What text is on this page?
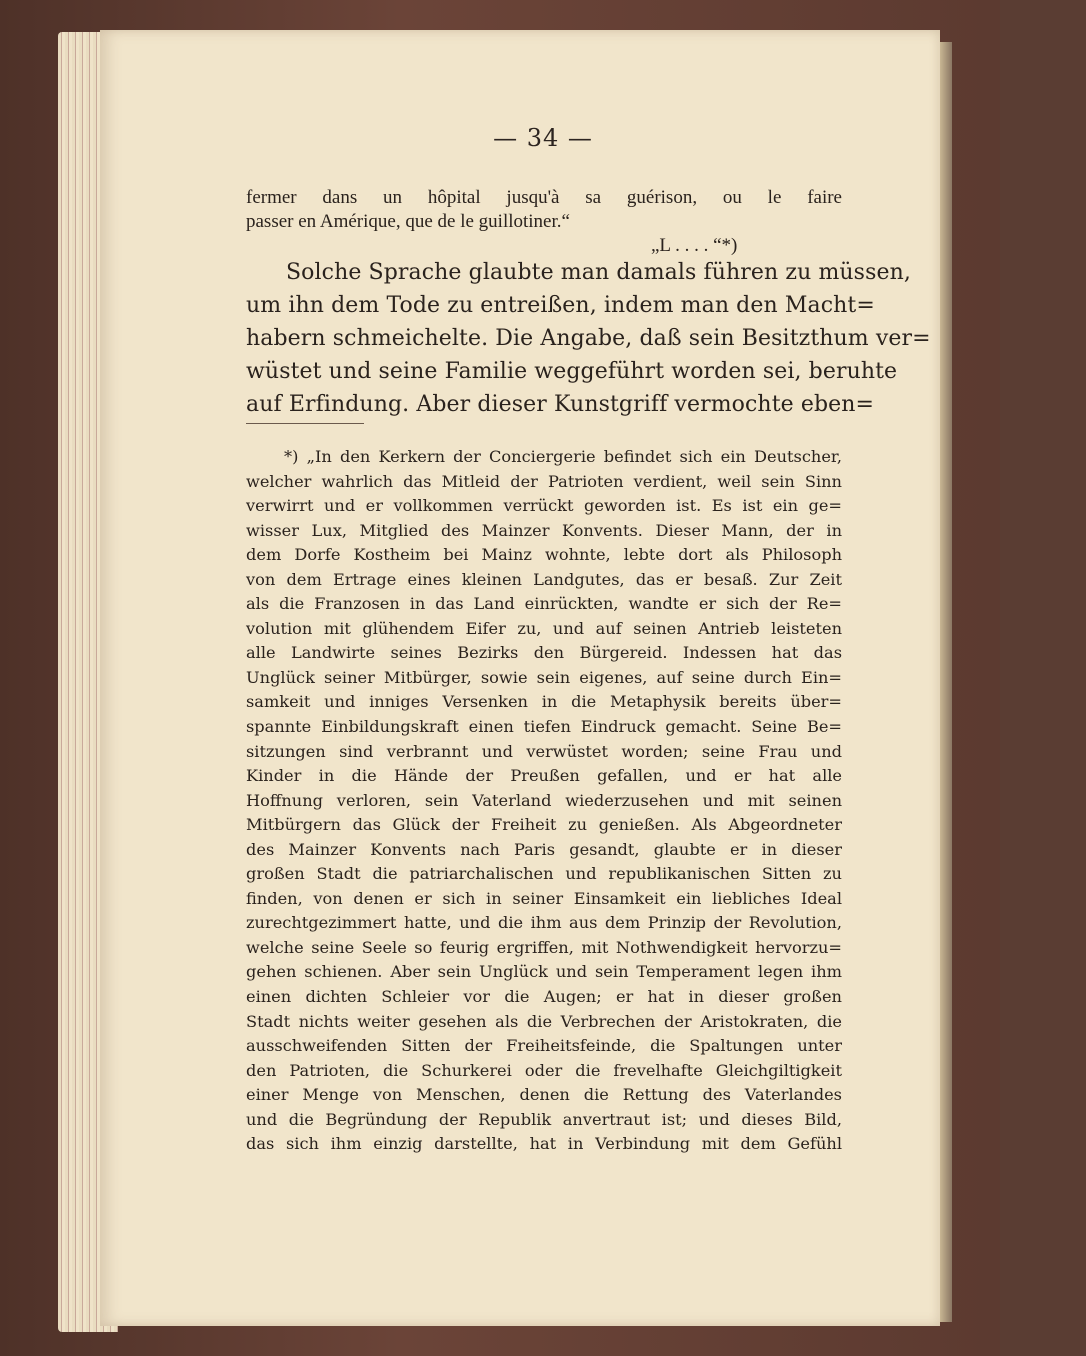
— 34 —
fermer dans un hôpital jusqu'à sa guérison, ou le faire
passer en Amérique, que de le guillotiner.“
„L . . . . “*)
Solche Sprache glaubte man damals führen zu müssen,
um ihn dem Tode zu entreißen, indem man den Macht=
habern schmeichelte. Die Angabe, daß sein Besitzthum ver=
wüstet und seine Familie weggeführt worden sei, beruhte
auf Erfindung. Aber dieser Kunstgriff vermochte eben=
*) „In den Kerkern der Conciergerie befindet sich ein Deutscher,
welcher wahrlich das Mitleid der Patrioten verdient, weil sein Sinn
verwirrt und er vollkommen verrückt geworden ist. Es ist ein ge=
wisser Lux, Mitglied des Mainzer Konvents. Dieser Mann, der in
dem Dorfe Kostheim bei Mainz wohnte, lebte dort als Philosoph
von dem Ertrage eines kleinen Landgutes, das er besaß. Zur Zeit
als die Franzosen in das Land einrückten, wandte er sich der Re=
volution mit glühendem Eifer zu, und auf seinen Antrieb leisteten
alle Landwirte seines Bezirks den Bürgereid. Indessen hat das
Unglück seiner Mitbürger, sowie sein eigenes, auf seine durch Ein=
samkeit und inniges Versenken in die Metaphysik bereits über=
spannte Einbildungskraft einen tiefen Eindruck gemacht. Seine Be=
sitzungen sind verbrannt und verwüstet worden; seine Frau und
Kinder in die Hände der Preußen gefallen, und er hat alle
Hoffnung verloren, sein Vaterland wiederzusehen und mit seinen
Mitbürgern das Glück der Freiheit zu genießen. Als Abgeordneter
des Mainzer Konvents nach Paris gesandt, glaubte er in dieser
großen Stadt die patriarchalischen und republikanischen Sitten zu
finden, von denen er sich in seiner Einsamkeit ein liebliches Ideal
zurechtgezimmert hatte, und die ihm aus dem Prinzip der Revolution,
welche seine Seele so feurig ergriffen, mit Nothwendigkeit hervorzu=
gehen schienen. Aber sein Unglück und sein Temperament legen ihm
einen dichten Schleier vor die Augen; er hat in dieser großen
Stadt nichts weiter gesehen als die Verbrechen der Aristokraten, die
ausschweifenden Sitten der Freiheitsfeinde, die Spaltungen unter
den Patrioten, die Schurkerei oder die frevelhafte Gleichgiltigkeit
einer Menge von Menschen, denen die Rettung des Vaterlandes
und die Begründung der Republik anvertraut ist; und dieses Bild,
das sich ihm einzig darstellte, hat in Verbindung mit dem Gefühl
